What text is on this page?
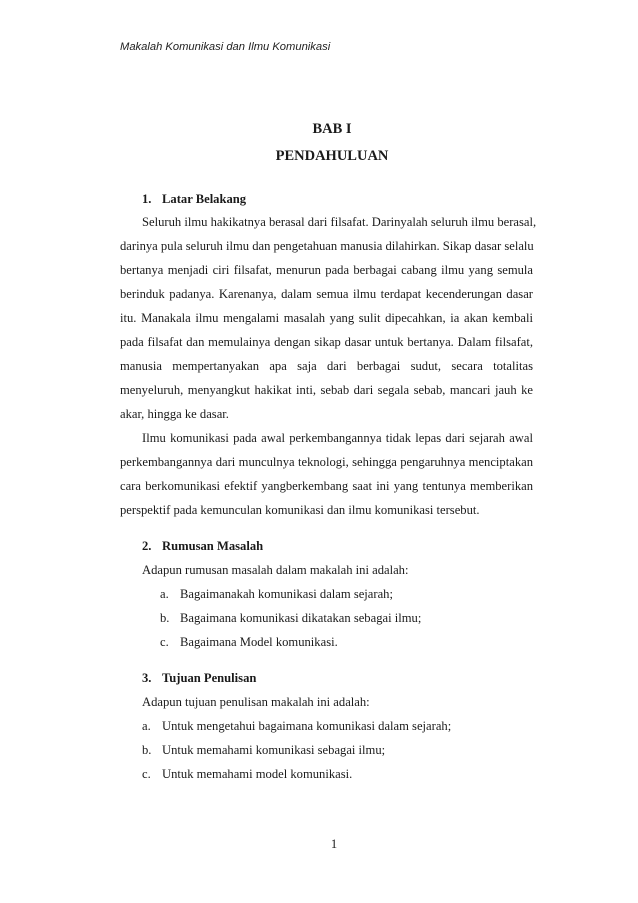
Makalah Komunikasi dan Ilmu Komunikasi
BAB I
PENDAHULUAN
1. Latar Belakang
Seluruh ilmu hakikatnya berasal dari filsafat. Darinyalah seluruh ilmu berasal,
darinya pula seluruh ilmu dan pengetahuan manusia dilahirkan. Sikap dasar selalu
bertanya menjadi ciri filsafat, menurun pada berbagai cabang ilmu yang semula
berinduk padanya. Karenanya, dalam semua ilmu terdapat kecenderungan dasar
itu. Manakala ilmu mengalami masalah yang sulit dipecahkan, ia akan kembali
pada filsafat dan memulainya dengan sikap dasar untuk bertanya. Dalam filsafat,
manusia mempertanyakan apa saja dari berbagai sudut, secara totalitas
menyeluruh, menyangkut hakikat inti, sebab dari segala sebab, mancari jauh ke
akar, hingga ke dasar.
Ilmu komunikasi pada awal perkembangannya tidak lepas dari sejarah awal
perkembangannya dari munculnya teknologi, sehingga pengaruhnya menciptakan
cara berkomunikasi efektif yangberkembang saat ini yang tentunya memberikan
perspektif pada kemunculan komunikasi dan ilmu komunikasi tersebut.
2. Rumusan Masalah
Adapun rumusan masalah dalam makalah ini adalah:
a. Bagaimanakah komunikasi dalam sejarah;
b. Bagaimana komunikasi dikatakan sebagai ilmu;
c. Bagaimana Model komunikasi.
3. Tujuan Penulisan
Adapun tujuan penulisan makalah ini adalah:
a. Untuk mengetahui bagaimana komunikasi dalam sejarah;
b. Untuk memahami komunikasi sebagai ilmu;
c. Untuk memahami model komunikasi.
1
